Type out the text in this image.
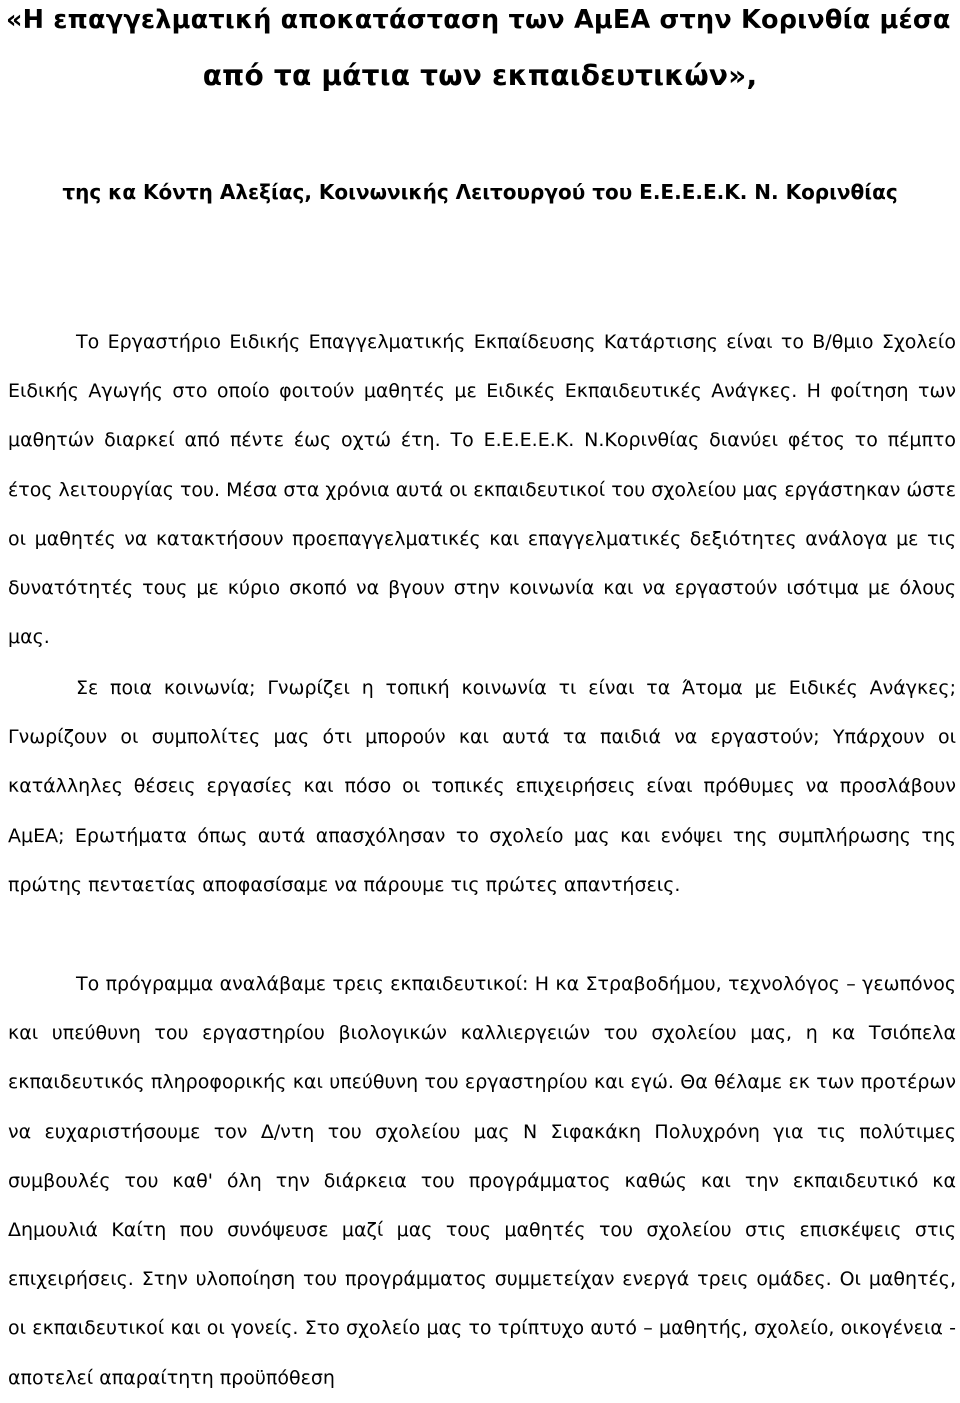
«Η επαγγελματική αποκατάσταση των ΑμΕΑ στην Κορινθία μέσα
από τα μάτια των εκπαιδευτικών»,
της κα Κόντη Αλεξίας, Κοινωνικής Λειτουργού του Ε.Ε.Ε.Ε.Κ. Ν. Κορινθίας

Το Εργαστήριο Ειδικής Επαγγελματικής Εκπαίδευσης Κατάρτισης είναι το Β/θμιο Σχολείο Ειδικής Αγωγής στο οποίο φοιτούν μαθητές με Ειδικές Εκπαιδευτικές Ανάγκες. Η φοίτηση των μαθητών διαρκεί από πέντε έως οχτώ έτη. Το Ε.Ε.Ε.Ε.Κ. Ν.Κορινθίας διανύει φέτος το πέμπτο έτος λειτουργίας του. Μέσα στα χρόνια αυτά οι εκπαιδευτικοί του σχολείου μας εργάστηκαν ώστε οι μαθητές να κατακτήσουν προεπαγγελματικές και επαγγελματικές δεξιότητες ανάλογα με τις δυνατότητές τους με κύριο σκοπό να βγουν στην κοινωνία και να εργαστούν ισότιμα με όλους μας.

Σε ποια κοινωνία; Γνωρίζει η τοπική κοινωνία τι είναι τα Άτομα με Ειδικές Ανάγκες; Γνωρίζουν οι συμπολίτες μας ότι μπορούν και αυτά τα παιδιά να εργαστούν; Υπάρχουν οι κατάλληλες θέσεις εργασίες και πόσο οι τοπικές επιχειρήσεις είναι πρόθυμες να προσλάβουν ΑμΕΑ; Ερωτήματα όπως αυτά απασχόλησαν το σχολείο μας και ενόψει της συμπλήρωσης της πρώτης πενταετίας αποφασίσαμε να πάρουμε τις πρώτες απαντήσεις.

Το πρόγραμμα αναλάβαμε τρεις εκπαιδευτικοί: Η κα Στραβοδήμου, τεχνολόγος – γεωπόνος και υπεύθυνη του εργαστηρίου βιολογικών καλλιεργειών του σχολείου μας, η κα Τσιόπελα εκπαιδευτικός πληροφορικής και υπεύθυνη του εργαστηρίου και εγώ. Θα θέλαμε εκ των προτέρων να ευχαριστήσουμε τον Δ/ντη του σχολείου μας Ν Σιφακάκη Πολυχρόνη για τις πολύτιμες συμβουλές του καθ' όλη την διάρκεια του προγράμματος καθώς και την εκπαιδευτικό κα Δημουλιά Καίτη που συνόψευσε μαζί μας τους μαθητές του σχολείου στις επισκέψεις στις επιχειρήσεις. Στην υλοποίηση του προγράμματος συμμετείχαν ενεργά τρεις ομάδες. Οι μαθητές, οι εκπαιδευτικοί και οι γονείς. Στο σχολείο μας το τρίπτυχο αυτό – μαθητής, σχολείο, οικογένεια - αποτελεί απαραίτητη προϋπόθεση
